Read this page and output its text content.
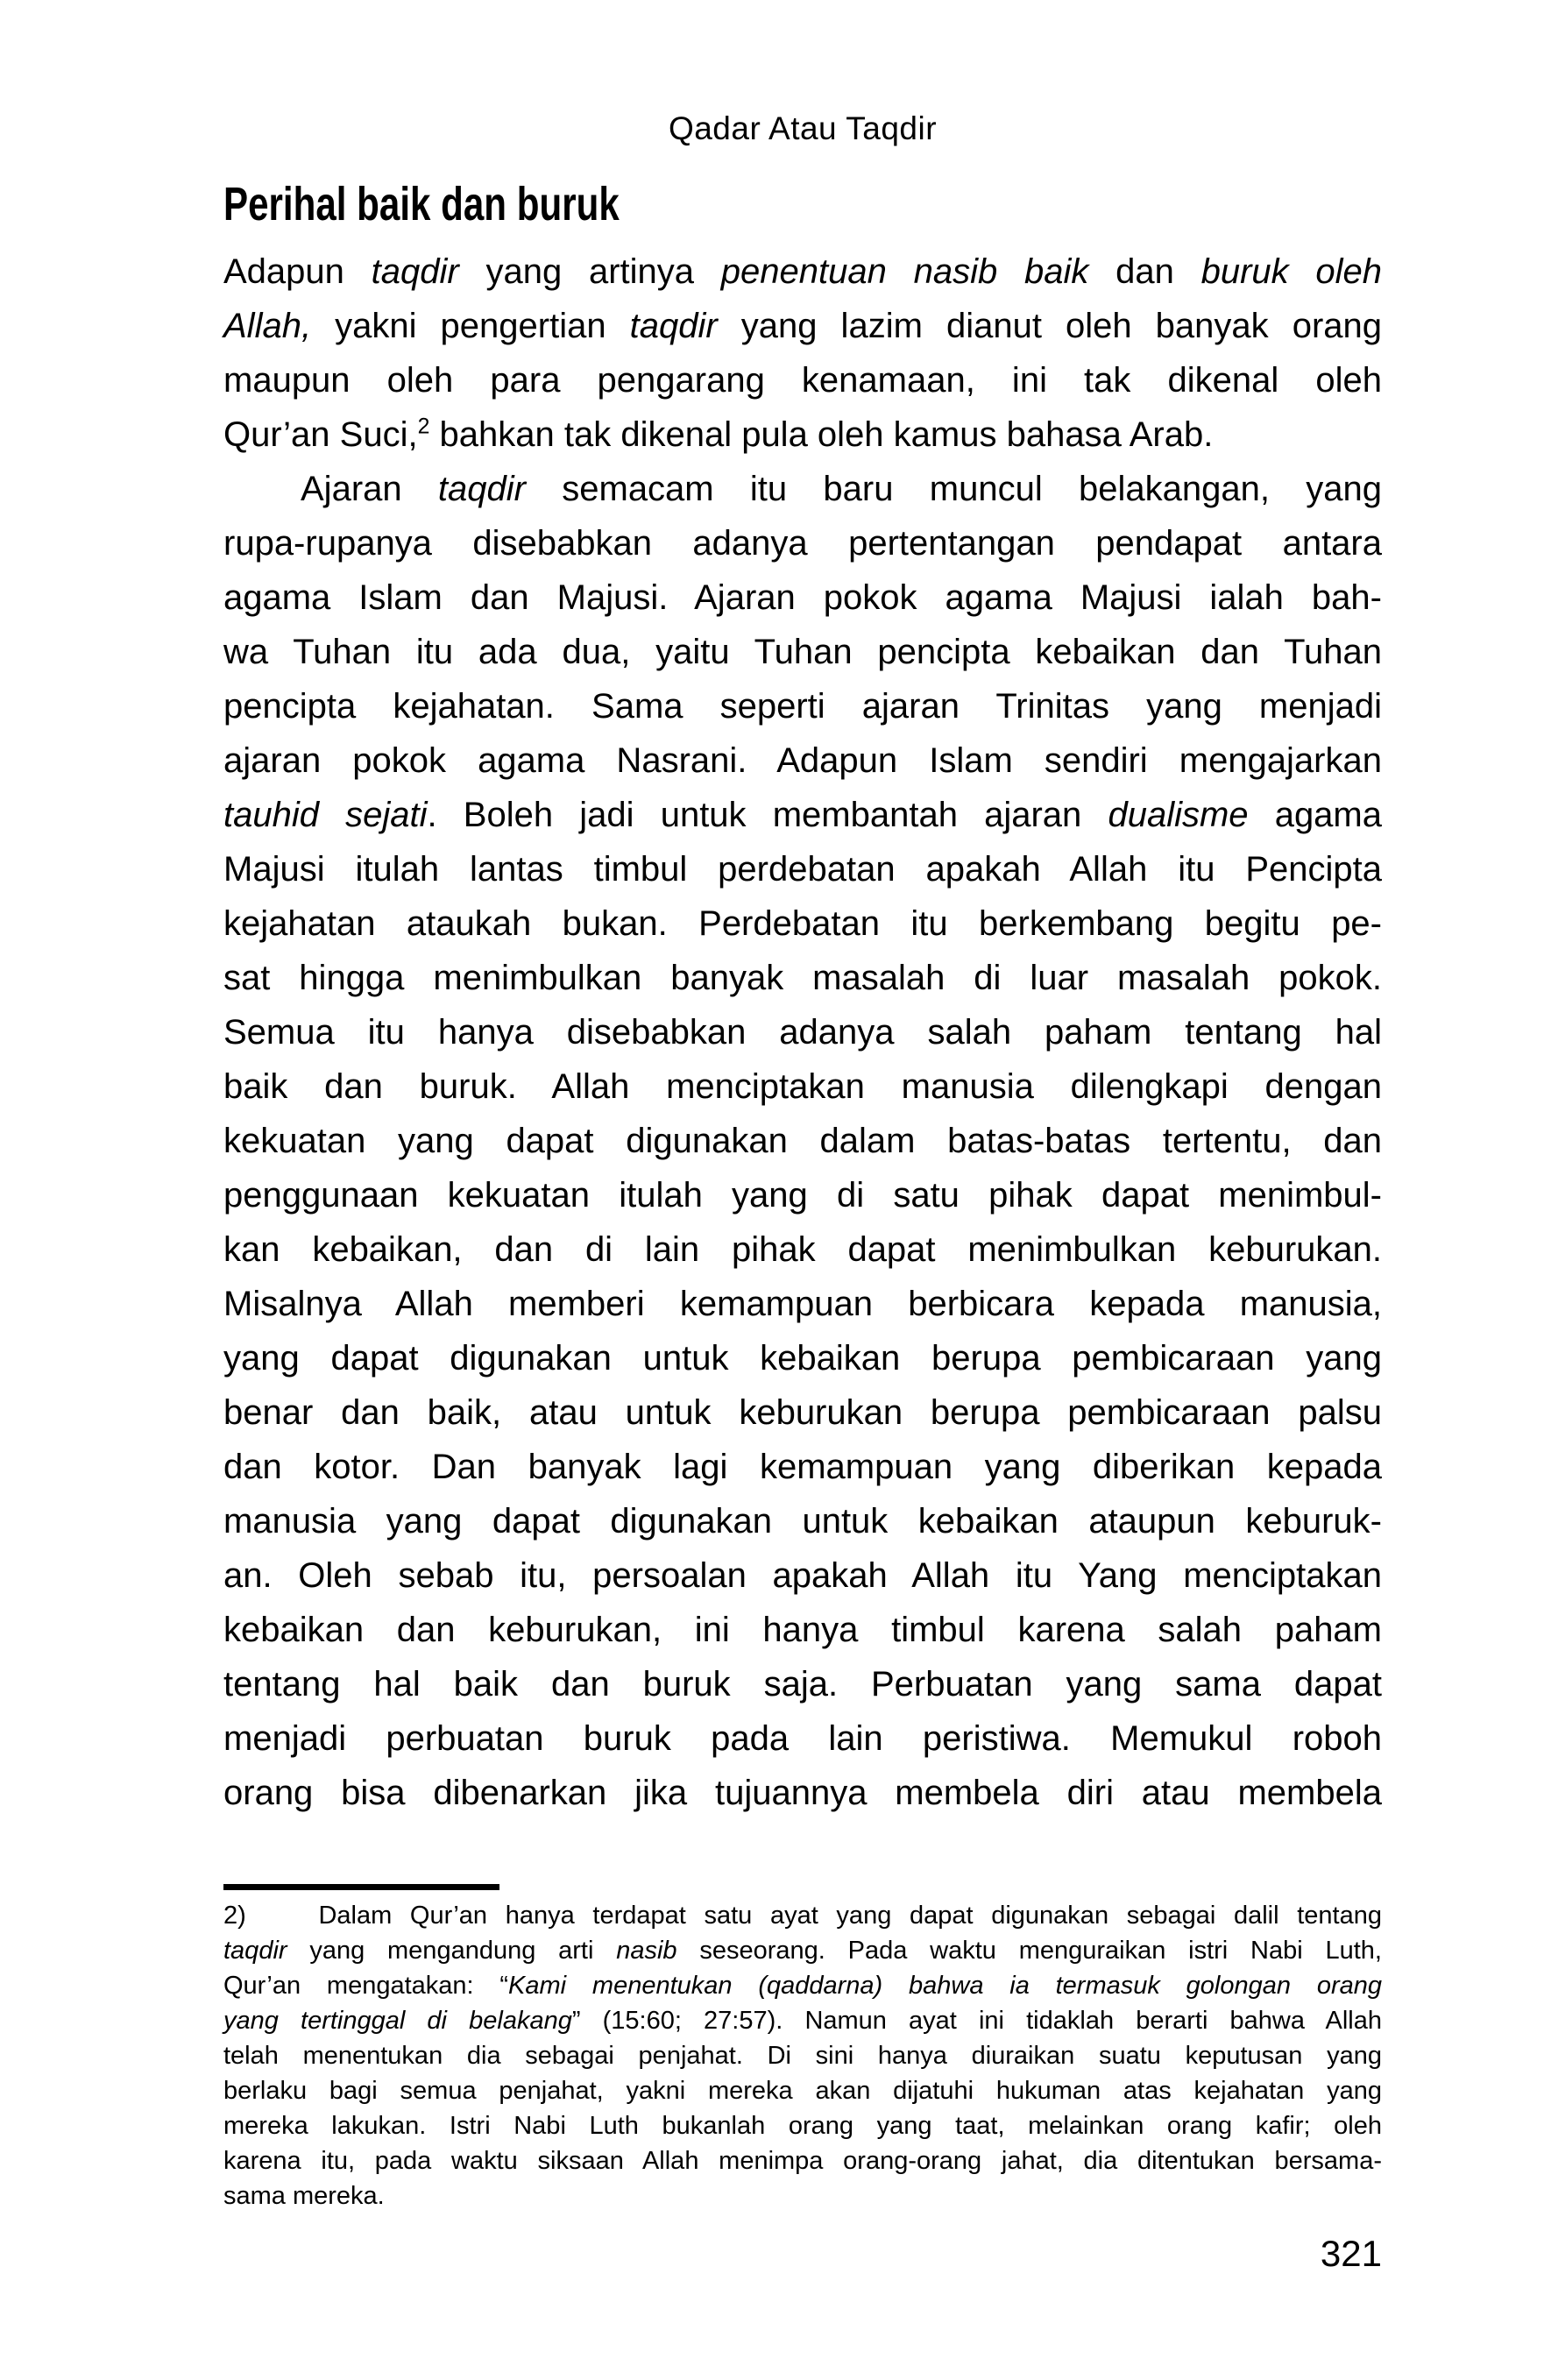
Qadar Atau Taqdir
Perihal baik dan buruk
Adapun taqdir yang artinya penentuan nasib baik dan buruk oleh
Allah, yakni pengertian taqdir yang lazim dianut oleh banyak orang
maupun oleh para pengarang kenamaan, ini tak dikenal oleh
Qur’an Suci,$^2$ bahkan tak dikenal pula oleh kamus bahasa Arab.
Ajaran taqdir semacam itu baru muncul belakangan, yang
rupa-rupanya disebabkan adanya pertentangan pendapat antara
agama Islam dan Majusi. Ajaran pokok agama Majusi ialah bah-
wa Tuhan itu ada dua, yaitu Tuhan pencipta kebaikan dan Tuhan
pencipta kejahatan. Sama seperti ajaran Trinitas yang menjadi
ajaran pokok agama Nasrani. Adapun Islam sendiri mengajarkan
tauhid sejati. Boleh jadi untuk membantah ajaran dualisme agama
Majusi itulah lantas timbul perdebatan apakah Allah itu Pencipta
kejahatan ataukah bukan. Perdebatan itu berkembang begitu pe-
sat hingga menimbulkan banyak masalah di luar masalah pokok.
Semua itu hanya disebabkan adanya salah paham tentang hal
baik dan buruk. Allah menciptakan manusia dilengkapi dengan
kekuatan yang dapat digunakan dalam batas-batas tertentu, dan
penggunaan kekuatan itulah yang di satu pihak dapat menimbul-
kan kebaikan, dan di lain pihak dapat menimbulkan keburukan.
Misalnya Allah memberi kemampuan berbicara kepada manusia,
yang dapat digunakan untuk kebaikan berupa pembicaraan yang
benar dan baik, atau untuk keburukan berupa pembicaraan palsu
dan kotor. Dan banyak lagi kemampuan yang diberikan kepada
manusia yang dapat digunakan untuk kebaikan ataupun keburuk-
an. Oleh sebab itu, persoalan apakah Allah itu Yang menciptakan
kebaikan dan keburukan, ini hanya timbul karena salah paham
tentang hal baik dan buruk saja. Perbuatan yang sama dapat
menjadi perbuatan buruk pada lain peristiwa. Memukul roboh
orang bisa dibenarkan jika tujuannya membela diri atau membela
2)    Dalam Qur’an hanya terdapat satu ayat yang dapat digunakan sebagai dalil tentang
taqdir yang mengandung arti nasib seseorang. Pada waktu menguraikan istri Nabi Luth,
Qur’an mengatakan: “Kami menentukan (qaddarna) bahwa ia termasuk golongan orang
yang tertinggal di belakang” (15:60; 27:57). Namun ayat ini tidaklah berarti bahwa Allah
telah menentukan dia sebagai penjahat. Di sini hanya diuraikan suatu keputusan yang
berlaku bagi semua penjahat, yakni mereka akan dijatuhi hukuman atas kejahatan yang
mereka lakukan. Istri Nabi Luth bukanlah orang yang taat, melainkan orang kafir; oleh
karena itu, pada waktu siksaan Allah menimpa orang-orang jahat, dia ditentukan bersama-
sama mereka.
321
